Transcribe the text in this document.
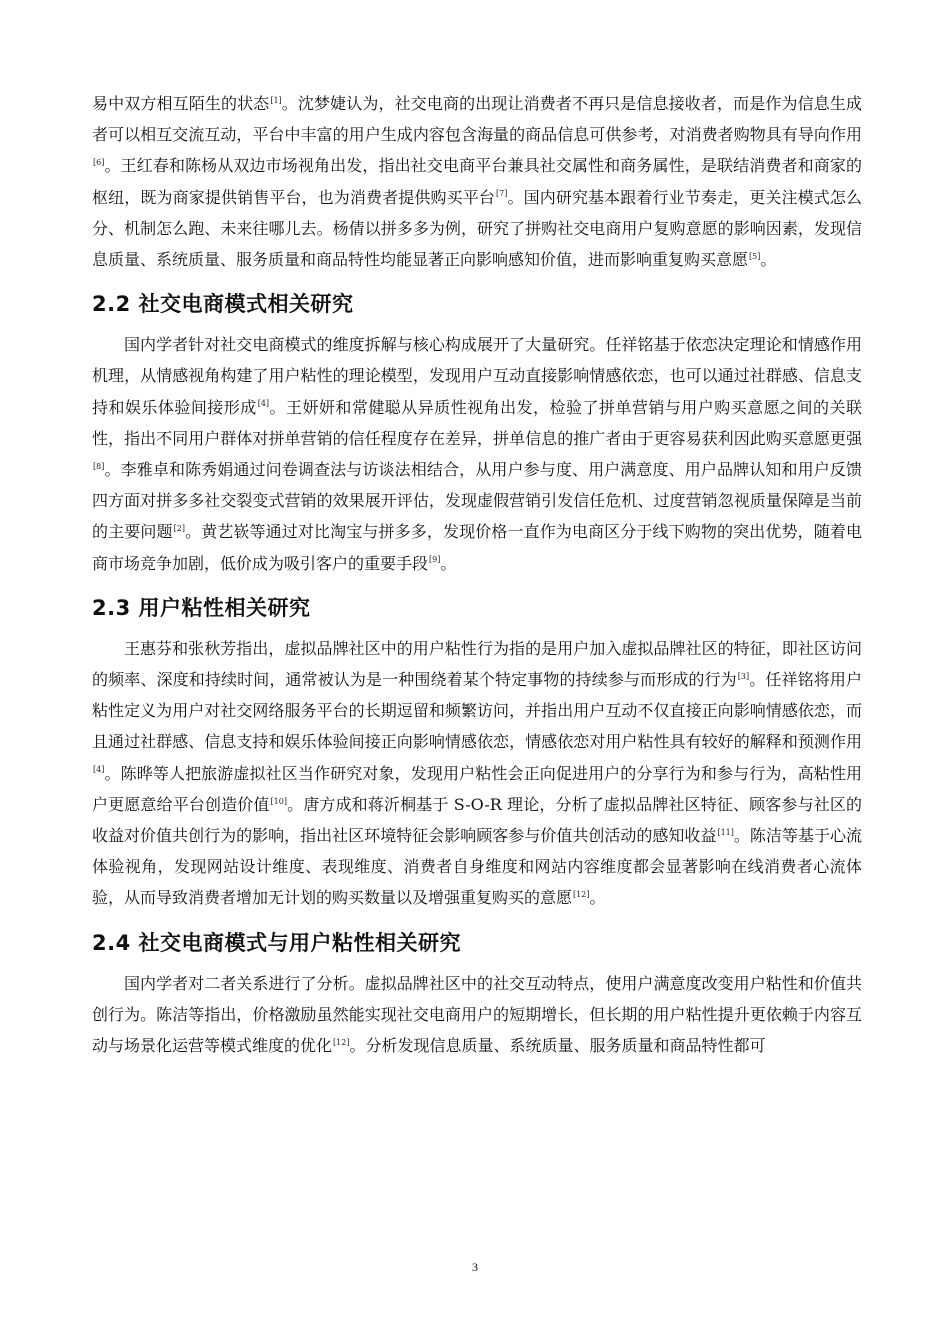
易中双方相互陌生的状态[1]。沈梦婕认为，社交电商的出现让消费者不再只是信息接收者，而是作为信息生成者可以相互交流互动，平台中丰富的用户生成内容包含海量的商品信息可供参考，对消费者购物具有导向作用[6]。王红春和陈杨从双边市场视角出发，指出社交电商平台兼具社交属性和商务属性，是联结消费者和商家的枢纽，既为商家提供销售平台，也为消费者提供购买平台[7]。国内研究基本跟着行业节奏走，更关注模式怎么分、机制怎么跑、未来往哪儿去。杨倩以拼多多为例，研究了拼购社交电商用户复购意愿的影响因素，发现信息质量、系统质量、服务质量和商品特性均能显著正向影响感知价值，进而影响重复购买意愿[5]。

2.2 社交电商模式相关研究

国内学者针对社交电商模式的维度拆解与核心构成展开了大量研究。任祥铭基于依恋决定理论和情感作用机理，从情感视角构建了用户粘性的理论模型，发现用户互动直接影响情感依恋，也可以通过社群感、信息支持和娱乐体验间接形成[4]。王妍妍和常健聪从异质性视角出发，检验了拼单营销与用户购买意愿之间的关联性，指出不同用户群体对拼单营销的信任程度存在差异，拼单信息的推广者由于更容易获利因此购买意愿更强[8]。李雅卓和陈秀娟通过问卷调查法与访谈法相结合，从用户参与度、用户满意度、用户品牌认知和用户反馈四方面对拼多多社交裂变式营销的效果展开评估，发现虚假营销引发信任危机、过度营销忽视质量保障是当前的主要问题[2]。黄艺嵚等通过对比淘宝与拼多多，发现价格一直作为电商区分于线下购物的突出优势，随着电商市场竞争加剧，低价成为吸引客户的重要手段[9]。

2.3 用户粘性相关研究

王惠芬和张秋芳指出，虚拟品牌社区中的用户粘性行为指的是用户加入虚拟品牌社区的特征，即社区访问的频率、深度和持续时间，通常被认为是一种围绕着某个特定事物的持续参与而形成的行为[3]。任祥铭将用户粘性定义为用户对社交网络服务平台的长期逗留和频繁访问，并指出用户互动不仅直接正向影响情感依恋，而且通过社群感、信息支持和娱乐体验间接正向影响情感依恋，情感依恋对用户粘性具有较好的解释和预测作用[4]。陈晔等人把旅游虚拟社区当作研究对象，发现用户粘性会正向促进用户的分享行为和参与行为，高粘性用户更愿意给平台创造价值[10]。唐方成和蒋沂桐基于 S-O-R 理论，分析了虚拟品牌社区特征、顾客参与社区的收益对价值共创行为的影响，指出社区环境特征会影响顾客参与价值共创活动的感知收益[11]。陈洁等基于心流体验视角，发现网站设计维度、表现维度、消费者自身维度和网站内容维度都会显著影响在线消费者心流体验，从而导致消费者增加无计划的购买数量以及增强重复购买的意愿[12]。

2.4 社交电商模式与用户粘性相关研究

国内学者对二者关系进行了分析。虚拟品牌社区中的社交互动特点，使用户满意度改变用户粘性和价值共创行为。陈洁等指出，价格激励虽然能实现社交电商用户的短期增长，但长期的用户粘性提升更依赖于内容互动与场景化运营等模式维度的优化[12]。分析发现信息质量、系统质量、服务质量和商品特性都可

3
